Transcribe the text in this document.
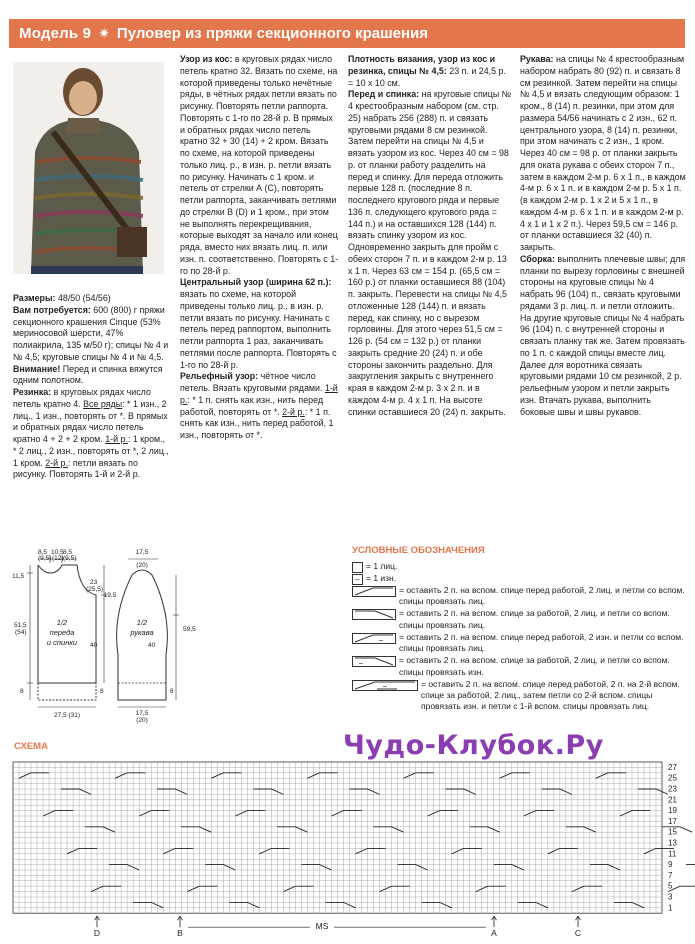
Модель 9 ✷ Пуловер из пряжи секционного крашения

Размеры: 48/50 (54/56)

Вам потребуется: 600 (800) г пряжи секционного крашения Cinque (53% мериносовой шерсти, 47% полиакрила, 135 м/50 г); спицы № 4 и № 4,5; круговые спицы № 4 и № 4,5.

Внимание! Перед и спинка вяжутся одним полотном.

Резинка: в круговых рядах число петель кратно 4. Все ряды: * 1 изн., 2 лиц., 1 изн., повторять от *. В прямых и обратных рядах число петель кратно 4 + 2 + 2 кром. 1-й р.: 1 кром., * 2 лиц., 2 изн., повторять от *, 2 лиц., 1 кром. 2-й р.: петли вязать по рисунку. Повторять 1-й и 2-й р.

Узор из кос: в круговых рядах число петель кратно 32. Вязать по схеме, на которой приведены только нечётные ряды, в чётных рядах петли вязать по рисунку. Повторять петли раппорта. Повторять с 1-го по 28-й р. В прямых и обратных рядах число петель кратно 32 + 30 (14) + 2 кром. Вязать по схеме, на которой приведены только лиц. р., в изн. р. петли вязать по рисунку. Начинать с 1 кром. и петель от стрелки А (С), повторять петли раппорта, заканчивать петлями до стрелки В (D) и 1 кром., при этом не выполнять перекрещивания, которые выходят за начало или конец ряда, вместо них вязать лиц. п. или изн. п. соответственно. Повторять с 1-го по 28-й р.

Центральный узор (ширина 62 п.): вязать по схеме, на которой приведены только лиц. р., в изн. р. петли вязать по рисунку. Начинать с петель перед раппортом, выполнить петли раппорта 1 раз, заканчивать петлями после раппорта. Повторять с 1-го по 28-й р.

Рельефный узор: чётное число петель. Вязать круговыми рядами. 1-й р.: * 1 п. снять как изн., нить перед работой, повторять от *. 2-й р.: * 1 п. снять как изн., нить перед работой, 1 изн., повторять от *.

Плотность вязания, узор из кос и резинка, спицы № 4,5: 23 п. и 24,5 р. = 10 х 10 см.

Перед и спинка: на круговые спицы № 4 крестообразным набором (см. стр. 25) набрать 256 (288) п. и связать круговыми рядами 8 см резинкой. Затем перейти на спицы № 4,5 и вязать узором из кос. Через 40 см = 98 р. от планки работу разделить на перед и спинку. Для переда отложить первые 128 п. (последние 8 п. последнего кругового ряда и первые 136 п. следующего кругового ряда = 144 п.) и на оставшихся 128 (144) п. вязать спинку узором из кос. Одновременно закрыть для пройм с обеих сторон 7 п. и в каждом 2-м р. 13 х 1 п. Через 63 см = 154 р. (65,5 см = 160 р.) от планки оставшиеся 88 (104) п. закрыть. Перевести на спицы № 4,5 отложенные 128 (144) п. и вязать перед, как спинку, но с вырезом горловины. Для этого через 51,5 см = 126 р. (54 см = 132 р.) от планки закрыть средние 20 (24) п. и обе стороны закончить раздельно. Для закругления закрыть с внутреннего края в каждом 2-м р. 3 х 2 п. и в каждом 4-м р. 4 х 1 п. На высоте спинки оставшиеся 20 (24) п. закрыть.

Рукава: на спицы № 4 крестообразным набором набрать 80 (92) п. и связать 8 см резинкой. Затем перейти на спицы № 4,5 и вязать следующим образом: 1 кром., 8 (14) п. резинки, при этом для размера 54/56 начинать с 2 изн., 62 п. центрального узора, 8 (14) п. резинки, при этом начинать с 2 изн., 1 кром. Через 40 см = 98 р. от планки закрыть для оката рукава с обеих сторон 7 п., затем в каждом 2-м р. 6 х 1 п., в каждом 4-м р. 6 х 1 п. и в каждом 2-м р. 5 х 1 п. (в каждом 2-м р. 1 х 2 и 5 х 1 п., в каждом 4-м р. 6 х 1 п. и в каждом 2-м р. 4 х 1 и 1 х 2 п.). Через 59,5 см = 146 р. от планки оставшиеся 32 (40) п. закрыть.

Сборка: выполнить плечевые швы; для планки по вырезу горловины с внешней стороны на круговые спицы № 4 набрать 96 (104) п., связать круговыми рядами 3 р. лиц. п. и петли отложить. На другие круговые спицы № 4 набрать 96 (104) п. с внутренней стороны и связать планку так же. Затем провязать по 1 п. с каждой спицы вместе лиц. Далее для воротника связать круговыми рядами 10 см резинкой, 2 р. рельефным узором и петли закрыть изн. Втачать рукава, выполнить боковые швы и швы рукавов.

8,5
(9,5)
10,5
(12)
8,5
(9,5)
11,5
51,5
(54)
8
23
(25,5)
40
8
1/2
переда
и спинки
27,5 (31)
17,5
(20)
19,5
59,5
40
8
1/2
рукава
17,5
(20)
УСЛОВНЫЕ ОБОЗНАЧЕНИЯ
= 1 лиц.
– = 1 изн.
= оставить 2 п. на вспом. спице перед работой, 2 лиц. и петли со вспом. спицы провязать лиц.
= оставить 2 п. на вспом. спице за работой, 2 лиц. и петли со вспом. спицы провязать лиц.
– = оставить 2 п. на вспом. спице перед работой, 2 изн. и петли со вспом. спицы провязать лиц.
–	= оставить 2 п. на вспом. спице за работой, 2 лиц. и петли со вспом. спицы провязать изн.
–	= оставить 2 п. на вспом. спице перед работой, 2 п. на 2-й вспом. спице за работой, 2 лиц., затем петли со 2-й вспом. спицы провязать изн. и петли с 1-й вспом. спицы провязать лиц.
Чудо-Клубок.Ру
СХЕМА
27
25
23
21
19
17
15
13
11
9
7
5
3
1
D	B
MS
A	C
